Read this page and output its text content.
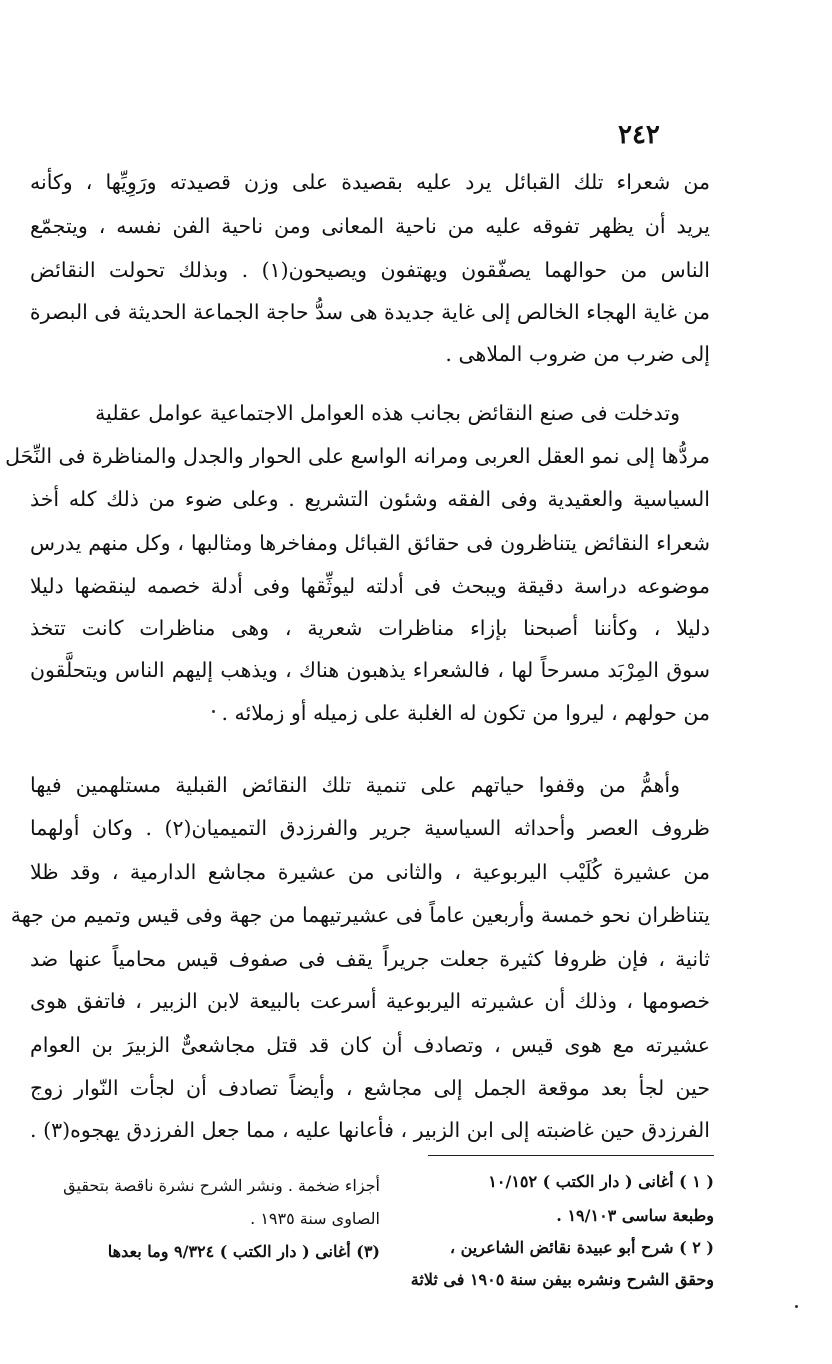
٢٤٢
من شعراء تلك القبائل يرد عليه بقصيدة على وزن قصيدته ورَوِيِّها ، وكأنه
يريد أن يظهر تفوقه عليه من ناحية المعانى ومن ناحية الفن نفسه ، ويتجمّع
الناس من حوالهما يصفّقون ويهتفون ويصيحون(١) . وبذلك تحولت النقائض
من غاية الهجاء الخالص إلى غاية جديدة هى سدُّ حاجة الجماعة الحديثة فى البصرة
إلى ضرب من ضروب الملاهى .
وتدخلت فى صنع النقائض بجانب هذه العوامل الاجتماعية عوامل عقلية
مردُّها إلى نمو العقل العربى ومرانه الواسع على الحوار والجدل والمناظرة فى النِّحَل
السياسية والعقيدية وفى الفقه وشئون التشريع . وعلى ضوء من ذلك كله أخذ
شعراء النقائض يتناظرون فى حقائق القبائل ومفاخرها ومثالبها ، وكل منهم يدرس
موضوعه دراسة دقيقة ويبحث فى أدلته ليوثِّقها وفى أدلة خصمه لينقضها دليلا
دليلا ، وكأننا أصبحنا بإزاء مناظرات شعرية ، وهى مناظرات كانت تتخذ
سوق المِرْبَد مسرحاً لها ، فالشعراء يذهبون هناك ، ويذهب إليهم الناس ويتحلَّقون
من حولهم ، ليروا من تكون له الغلبة على زميله أو زملائه .
وأهمُّ من وقفوا حياتهم على تنمية تلك النقائض القبلية مستلهمين فيها
ظروف العصر وأحداثه السياسية جرير والفرزدق التميميان(٢) . وكان أولهما
من عشيرة كُلَيْب اليربوعية ، والثانى من عشيرة مجاشع الدارمية ، وقد ظلا
يتناظران نحو خمسة وأربعين عاماً فى عشيرتيهما من جهة وفى قيس وتميم من جهة
ثانية ، فإن ظروفا كثيرة جعلت جريراً يقف فى صفوف قيس محامياً عنها ضد
خصومها ، وذلك أن عشيرته اليربوعية أسرعت بالبيعة لابن الزبير ، فاتفق هوى
عشيرته مع هوى قيس ، وتصادف أن كان قد قتل مجاشعىٌّ الزبيرَ بن العوام
حين لجأ بعد موقعة الجمل إلى مجاشع ، وأيضاً تصادف أن لجأت النّوار زوج
الفرزدق حين غاضبته إلى ابن الزبير ، فأعانها عليه ، مما جعل الفرزدق يهجوه(٣) .
( ١ ) أغانى ( دار الكتب ) ١٠/١٥٢
وطبعة ساسى ١٩/١٠٣ .
( ٢ ) شرح أبو عبيدة نقائض الشاعرين ،
وحقق الشرح ونشره بيفن سنة ١٩٠٥ فى ثلاثة
أجزاء ضخمة . ونشر الشرح نشرة ناقصة بتحقيق
الصاوى سنة ١٩٣٥ .
(٣) أغانى ( دار الكتب ) ٩/٣٢٤ وما بعدها
